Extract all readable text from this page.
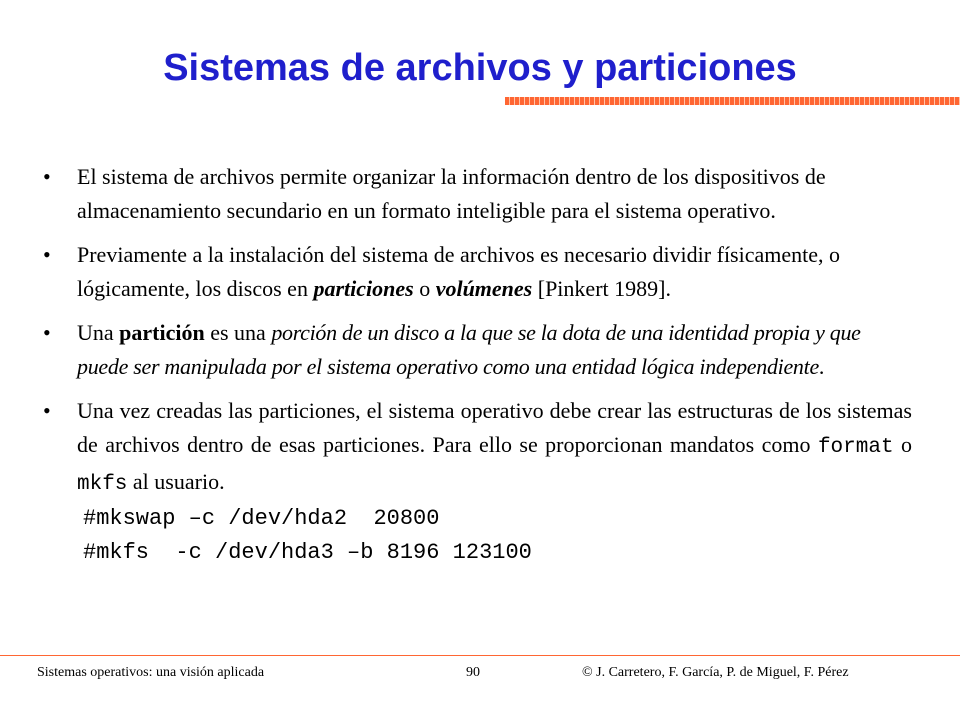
Sistemas de archivos y particiones
• El sistema de archivos permite organizar la información dentro de los dispositivos de almacenamiento secundario en un formato inteligible para el sistema operativo.
• Previamente a la instalación del sistema de archivos es necesario dividir físicamente, o lógicamente, los discos en particiones o volúmenes [Pinkert 1989].
• Una partición es una porción de un disco a la que se la dota de una identidad propia y que puede ser manipulada por el sistema operativo como una entidad lógica independiente.
• Una vez creadas las particiones, el sistema operativo debe crear las estructuras de los sistemas de archivos dentro de esas particiones. Para ello se proporcionan mandatos como format o mkfs al usuario.
#mkswap –c /dev/hda2  20800
#mkfs  -c /dev/hda3 –b 8196 123100
Sistemas operativos: una visión aplicada	90	© J. Carretero, F. García, P. de Miguel, F. Pérez
